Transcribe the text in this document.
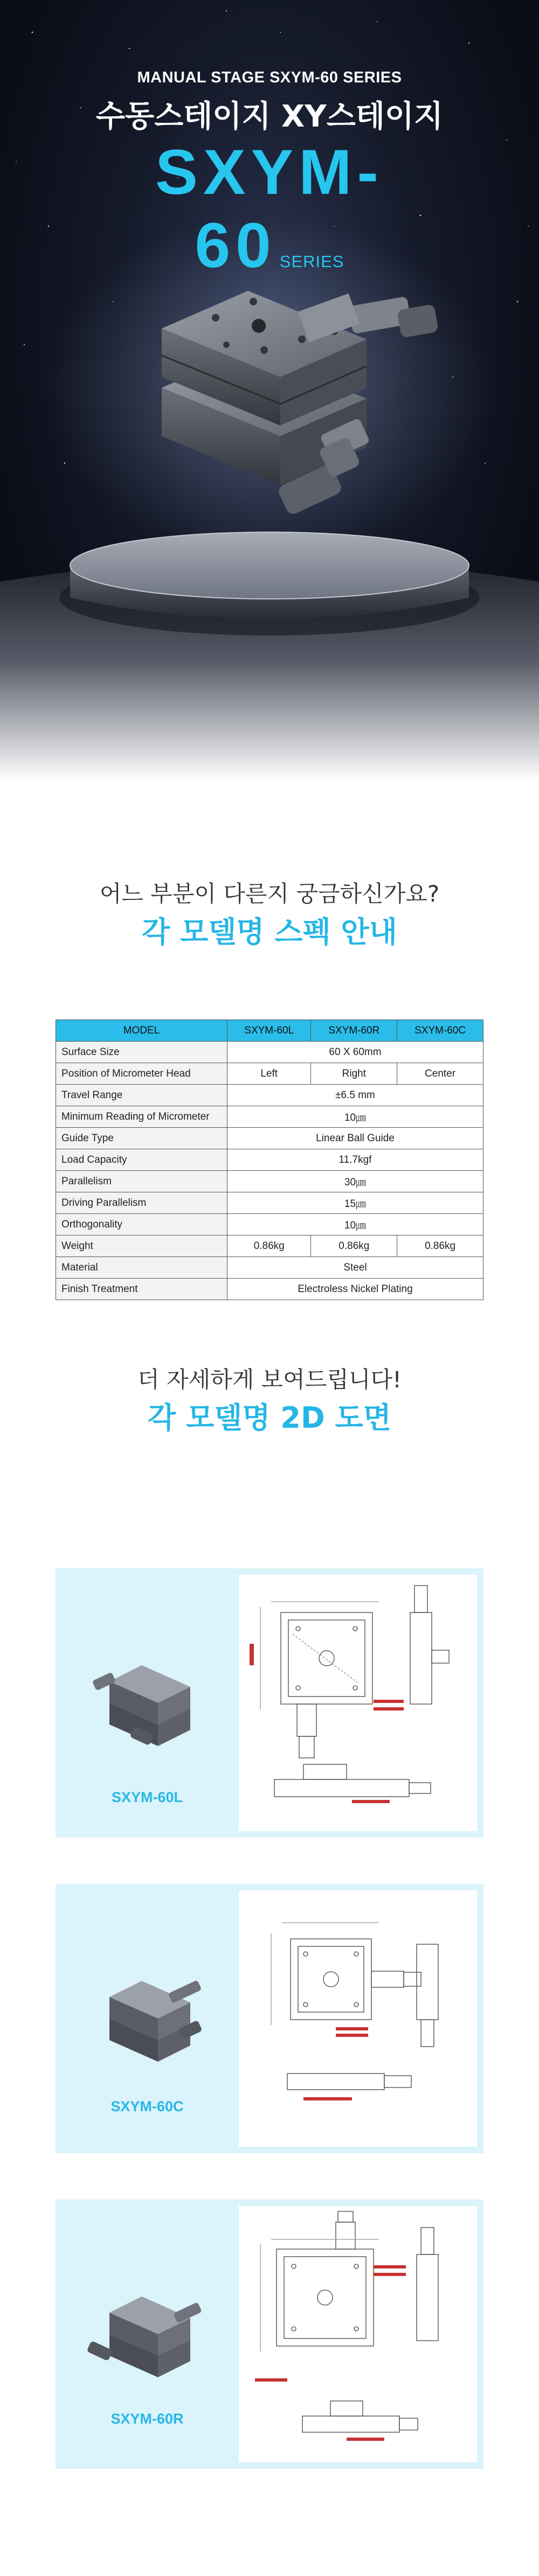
MANUAL STAGE SXYM-60 SERIES
수동스테이지 XY스테이지
SXYM-60 SERIES
어느 부분이 다른지 궁금하신가요?
각 모델명 스펙 안내
MODEL	SXYM-60L	SXYM-60R	SXYM-60C
Surface Size	60 X 60mm		
Position of Micrometer Head	Left	Right	Center
Travel Range	±6.5 mm		
Minimum Reading of Micrometer	10㎛		
Guide Type	Linear Ball Guide		
Load Capacity	11.7kgf		
Parallelism	30㎛		
Driving Parallelism	15㎛		
Orthogonality	10㎛		
Weight	0.86kg	0.86kg	0.86kg
Material	Steel		
Finish Treatment	Electroless Nickel Plating		
더 자세하게 보여드립니다!
각 모델명 2D 도면
SXYM-60L
SXYM-60C
SXYM-60R
